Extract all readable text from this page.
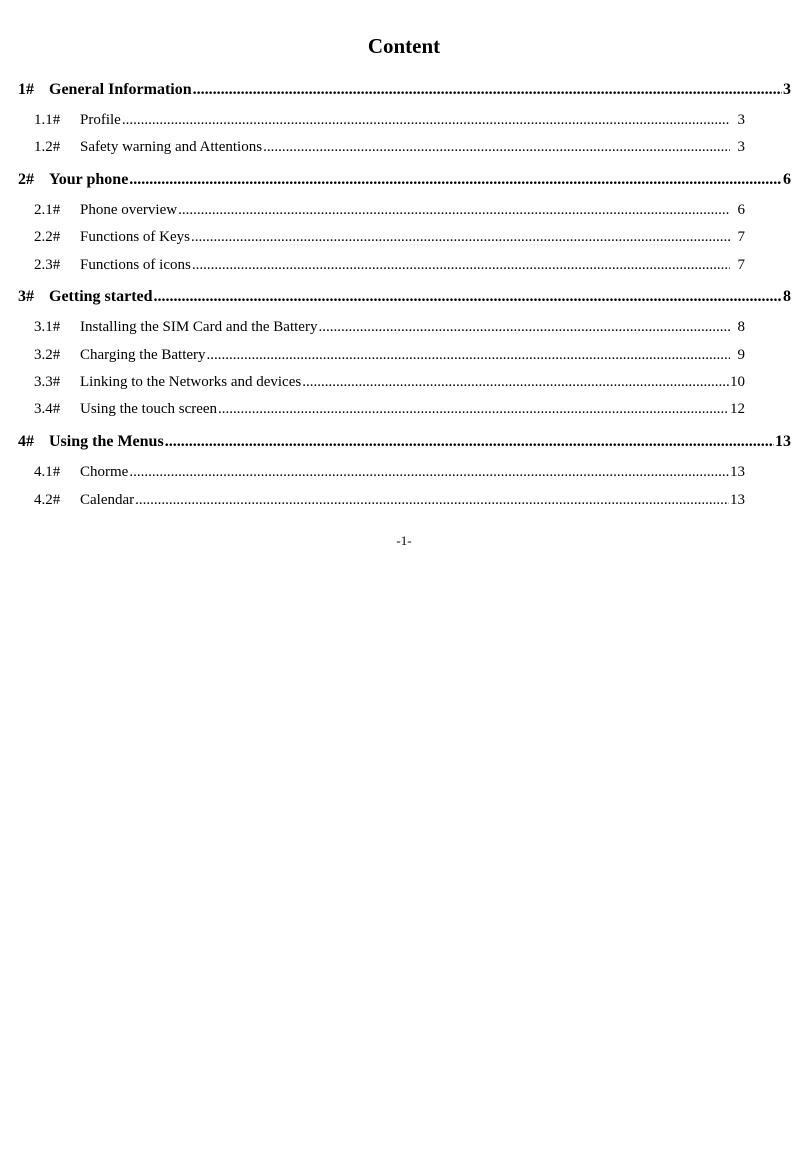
Content
1# General Information .....	3
1.1#	Profile .....	3
1.2#	Safety warning and Attentions .....	3
2# Your phone .....	6
2.1#	Phone overview .....	6
2.2#	Functions of Keys .....	7
2.3#	Functions of icons .....	7
3# Getting started .....	8
3.1#	Installing the SIM Card and the Battery .....	8
3.2#	Charging the Battery .....	9
3.3#	Linking to the Networks and devices .....	10
3.4#	Using the touch screen .....	12
4# Using the Menus .....	13
4.1#	Chorme .....	13
4.2#	Calendar .....	13
-1-
